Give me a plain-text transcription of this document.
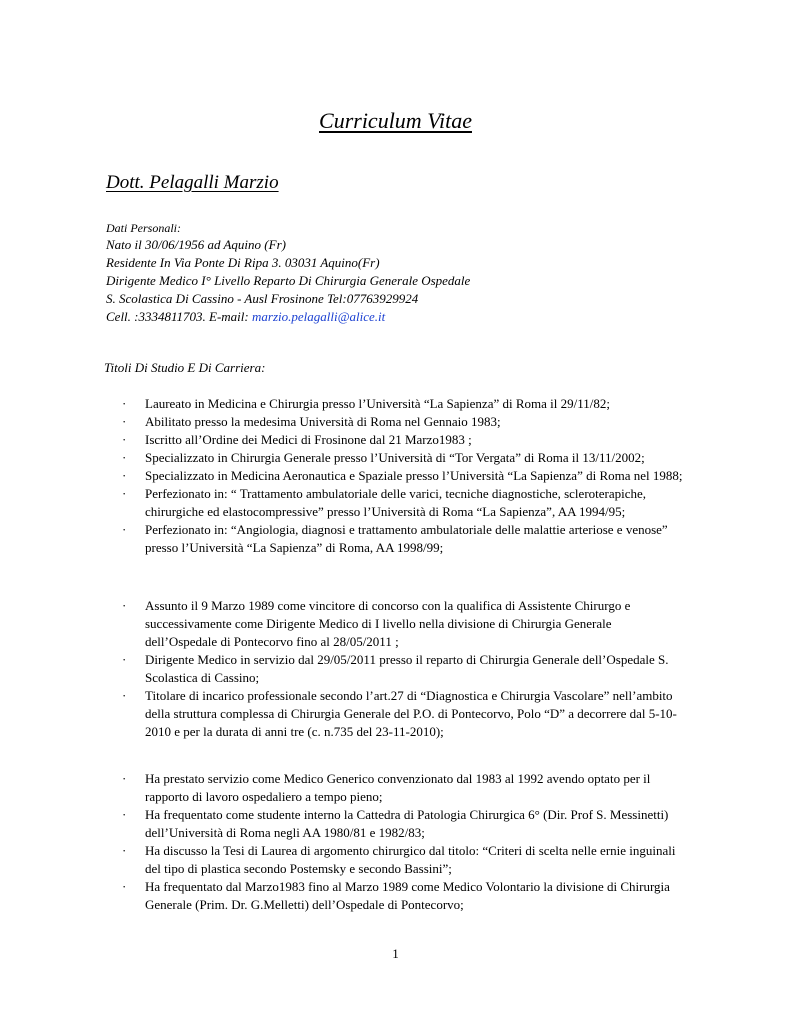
Curriculum Vitae
Dott. Pelagalli Marzio
Dati Personali:
Nato il 30/06/1956 ad Aquino (Fr)
Residente In Via Ponte Di Ripa 3. 03031 Aquino(Fr)
Dirigente Medico I° Livello Reparto Di Chirurgia Generale Ospedale
S. Scolastica Di Cassino - Ausl Frosinone Tel:07763929924
Cell. :3334811703. E-mail: marzio.pelagalli@alice.it
Titoli Di Studio E Di Carriera:
· Laureato in Medicina e Chirurgia presso l’Università “La Sapienza” di Roma il 29/11/82;
· Abilitato presso la medesima Università di Roma nel Gennaio 1983;
· Iscritto all’Ordine dei Medici di Frosinone dal 21 Marzo1983 ;
· Specializzato in Chirurgia Generale presso l’Università di “Tor Vergata” di Roma il 13/11/2002;
· Specializzato in Medicina Aeronautica e Spaziale presso l’Università “La Sapienza” di Roma nel 1988;
· Perfezionato in: “ Trattamento ambulatoriale delle varici, tecniche diagnostiche, scleroterapiche, chirurgiche ed elastocompressive” presso l’Università di Roma “La Sapienza”, AA 1994/95;
· Perfezionato in: “Angiologia, diagnosi e trattamento ambulatoriale delle malattie arteriose e venose” presso l’Università “La Sapienza” di Roma, AA 1998/99;
· Assunto il 9 Marzo 1989 come vincitore di concorso con la qualifica di Assistente Chirurgo e successivamente come Dirigente Medico di I livello nella divisione di Chirurgia Generale dell’Ospedale di Pontecorvo fino al 28/05/2011 ;
· Dirigente Medico in servizio dal 29/05/2011 presso il reparto di Chirurgia Generale dell’Ospedale S. Scolastica di Cassino;
· Titolare di incarico professionale secondo l’art.27 di “Diagnostica e Chirurgia Vascolare” nell’ambito della struttura complessa di Chirurgia Generale del P.O. di Pontecorvo, Polo “D” a decorrere dal 5-10-2010 e per la durata di anni tre (c. n.735 del 23-11-2010);
· Ha prestato servizio come Medico Generico convenzionato dal 1983 al 1992 avendo optato per il rapporto di lavoro ospedaliero a tempo pieno;
· Ha frequentato come studente interno la Cattedra di Patologia Chirurgica 6° (Dir. Prof S. Messinetti) dell’Università di Roma negli AA 1980/81 e 1982/83;
· Ha discusso la Tesi di Laurea di argomento chirurgico dal titolo: “Criteri di scelta nelle ernie inguinali del tipo di plastica secondo Postemsky e secondo Bassini”;
· Ha frequentato dal Marzo1983 fino al Marzo 1989 come Medico Volontario la divisione di Chirurgia Generale (Prim. Dr. G.Melletti) dell’Ospedale di Pontecorvo;
1
